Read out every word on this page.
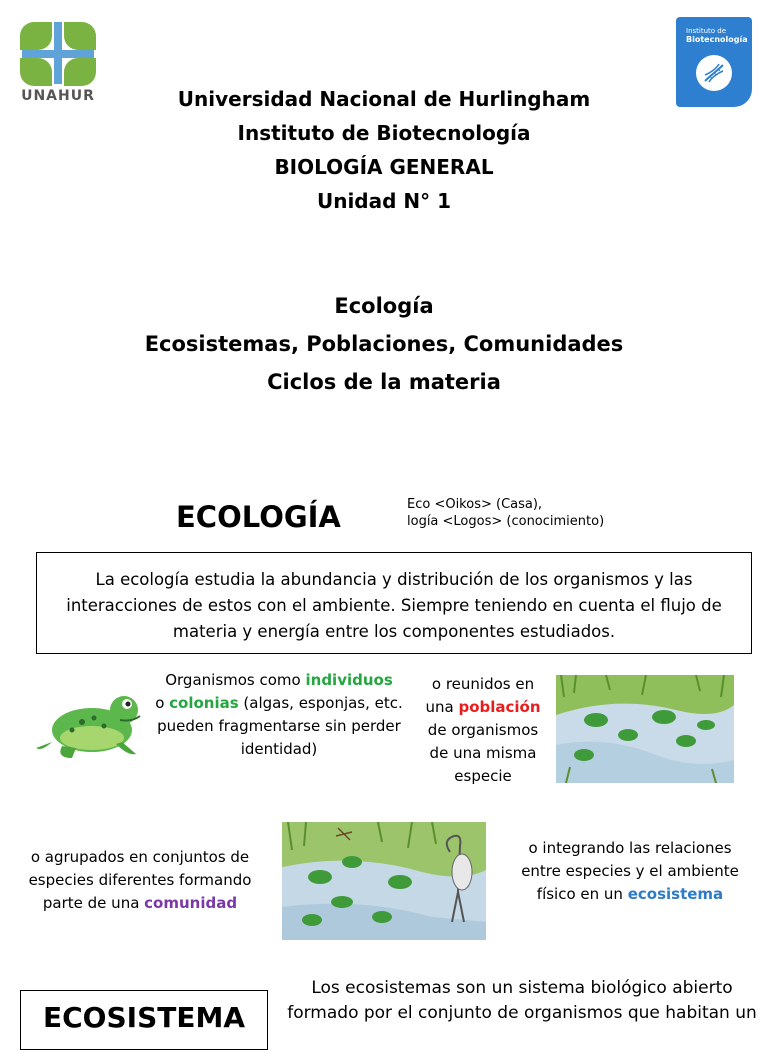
UNAHUR
Instituto de
Biotecnología
Universidad Nacional de Hurlingham
Instituto de Biotecnología
BIOLOGÍA GENERAL
Unidad N° 1
Ecología
Ecosistemas, Poblaciones, Comunidades
Ciclos de la materia
ECOLOGÍA	Eco <Oikos> (Casa),
logía <Logos> (conocimiento)
La ecología estudia la abundancia y distribución de los organismos y las interacciones de estos con el ambiente. Siempre teniendo en cuenta el flujo de materia y energía entre los componentes estudiados.
Organismos como individuos
o colonias (algas, esponjas, etc. pueden fragmentarse sin perder identidad)
o reunidos en una población de organismos de una misma especie
o agrupados en conjuntos de especies diferentes formando parte de una comunidad
o integrando las relaciones entre especies y el ambiente físico en un ecosistema
ECOSISTEMA
Los ecosistemas son un sistema biológico abierto formado por el conjunto de organismos que habitan un
